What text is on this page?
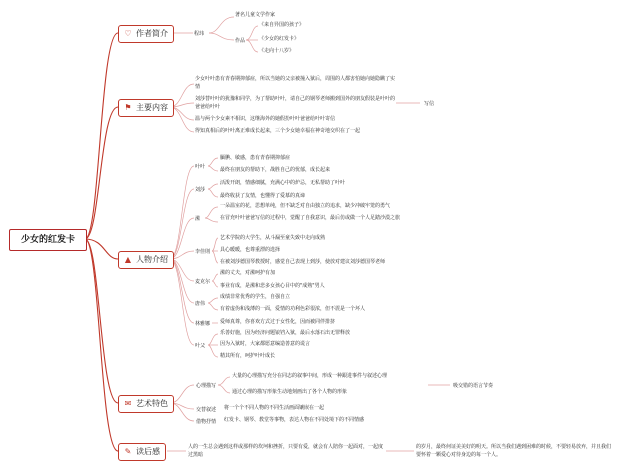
少女的红发卡
♡ 作者简介
⚑ 主要内容
▲ 人物介绍
✉ 艺术特色
✎ 读后感
程玮
著名儿童文学作家
作品
《来自异国的孩子》
《少女的红发卡》
《走向十八岁》
少女叶叶患有青春期抑郁症，所以当她的父亲被撞入狱后，周围的人都害怕她向她隐瞒了实情
刘莎替叶叶的犹豫和同学，为了帮助叶叶，请自己的钢琴老师搬到国外的朋友假装是叶叶的爸爸给叶叶
温与两个少女素不相识，这继海外的她假扮叶叶爸爸给叶叶寄信
得知真相后的叶叶离正难成长起来，三个少女她幸福在神奇地交织在了一起
写信
叶叶
腼腆、敏感，患有青春期抑郁症
最终在朋友的帮助下，战胜自己的忧郁，成长起来
刘莎
活泼开朗，情感细腻，充满心中的炉忌，无私帮助了叶叶
最终收获了友情，也懂得了爱慕的真谛
潆
一朵温室的花，思想单纯，但不缺乏对自由独立的追求，缺少冲破牢笼的勇气
在冒充叶叶爸爸写信的过程中，觉醒了自我意识，最后仿或做一个人足踏沙漠之旅
李佳則
艺术学院的大学生，从斗漏至童失致中走向成熟
具心暖暖，也尊重漂的选择
在被刘莎德国琴教授时，感觉自己表现上到莎，使放对建议刘莎德国琴老师
麦克尔
潆的丈夫，对潆呵护有加
事业有成，是潆和悲多女孩心目中的"成熟"男人
唐伟
成绩非常优秀的学生，自强自立
有着虚伪和浅薄的一面，爱情的功利色彩很浓，但不震是一个坏人
林雅娜 爱师真尊，你喜欢方式过于女性化，因而被同伴排挤
叶父
乐善好施，因为经济问题锒铛入狱，最后水落石出无罪释放
因为入狱时，大家都愿意编造善意的谎言
精其所有，呵护叶叶成长
心理描写
大量的心理描写充分在同志的叙事中间，形成一种跟进事件与叙述心理
通过心理的描写形象生动地刻画出了各个人物的形象
吸交错的语言节奏
交替叙述 将一个个不同人物的不同生活画面镶嵌在一起
借物抒情 红发卡、钢琴、教堂等事物，表达人物在不同处境下的不同情感
人的一生总会遇到这样或那样的坎坷和挫折，只要有爱，就会有人陪你一起面对，一起度过黑暗
的岁月，最终何证美美好的明天。所以当我们遇到困难的时候，不要轻易放弃，并且我们要怀着一颗爱心对待身边的每一个人。
